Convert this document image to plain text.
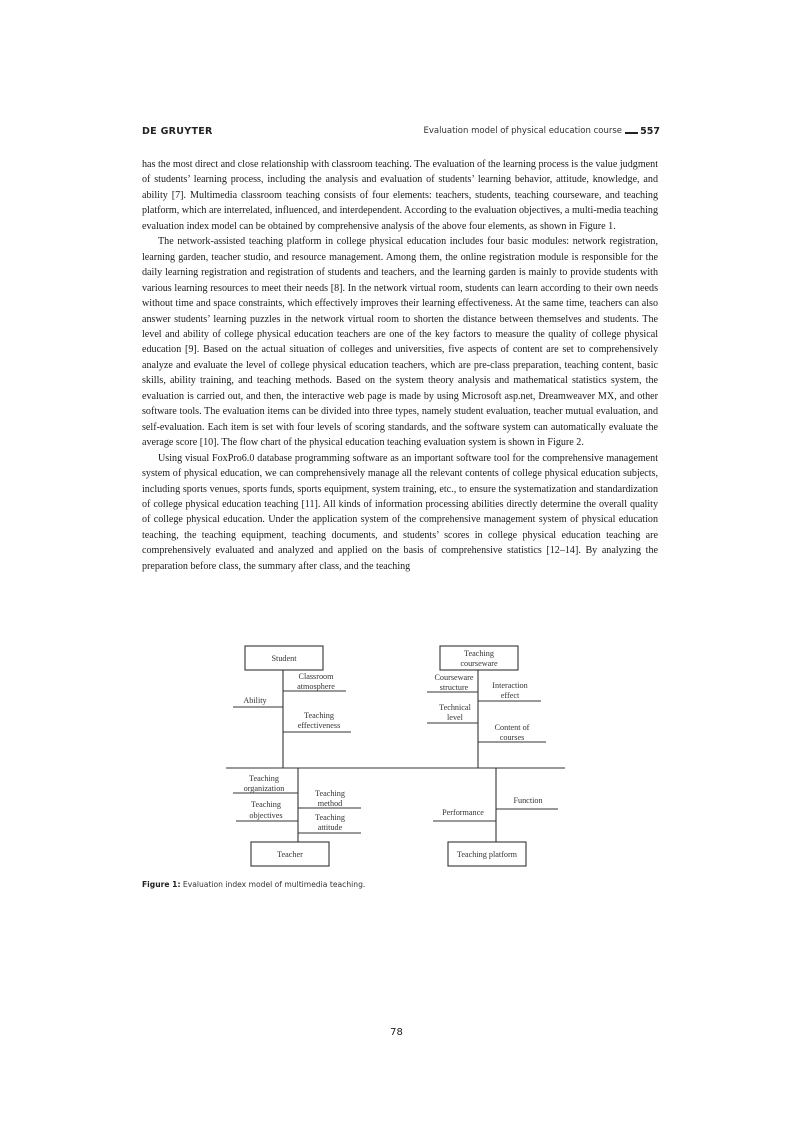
DE GRUYTER	Evaluation model of physical education course 557

has the most direct and close relationship with classroom teaching. The evaluation of the learning process is the value judgment of students’ learning process, including the analysis and evaluation of students’ learning behavior, attitude, knowledge, and ability [7]. Multimedia classroom teaching consists of four elements: teachers, students, teaching courseware, and teaching platform, which are interrelated, influenced, and interdependent. According to the evaluation objectives, a multi-media teaching evaluation index model can be obtained by comprehensive analysis of the above four elements, as shown in Figure 1.

The network-assisted teaching platform in college physical education includes four basic modules: network registration, learning garden, teacher studio, and resource management. Among them, the online registration module is responsible for the daily learning registration and registration of students and teachers, and the learning garden is mainly to provide students with various learning resources to meet their needs [8]. In the network virtual room, students can learn according to their own needs without time and space constraints, which effectively improves their learning effectiveness. At the same time, teachers can also answer students’ learning puzzles in the network virtual room to shorten the distance between themselves and students. The level and ability of college physical education teachers are one of the key factors to measure the quality of college physical education [9]. Based on the actual situation of colleges and universities, five aspects of content are set to comprehensively analyze and evaluate the level of college physical education teachers, which are pre-class preparation, teaching content, basic skills, ability training, and teaching methods. Based on the system theory analysis and mathematical statistics system, the evaluation is carried out, and then, the interactive web page is made by using Microsoft asp.net, Dreamweaver MX, and other software tools. The evaluation items can be divided into three types, namely student evaluation, teacher mutual evaluation, and self-evaluation. Each item is set with four levels of scoring standards, and the software system can automatically evaluate the average score [10]. The flow chart of the physical education teaching evaluation system is shown in Figure 2.

Using visual FoxPro6.0 database programming software as an important software tool for the comprehensive management system of physical education, we can comprehensively manage all the relevant contents of college physical education subjects, including sports venues, sports funds, sports equipment, system training, etc., to ensure the systematization and standardization of college physical education teaching [11]. All kinds of information processing abilities directly determine the overall quality of college physical education. Under the application system of the comprehensive management system of physical education teaching, the teaching equipment, teaching documents, and students’ scores in college physical education teaching are comprehensively evaluated and analyzed and applied on the basis of comprehensive statistics [12–14]. By analyzing the preparation before class, the summary after class, and the teaching

Student
Teaching
courseware
Teacher	Teaching platform
Classroom
atmosphere
Ability
Teaching
effectiveness
Courseware
structure	Interaction
effect
Technical
level
Content of
courses
Teaching
organization
Teaching
method
Teaching
objectives	Teaching
attitude
Function
Performance
Figure 1: Evaluation index model of multimedia teaching.
78
